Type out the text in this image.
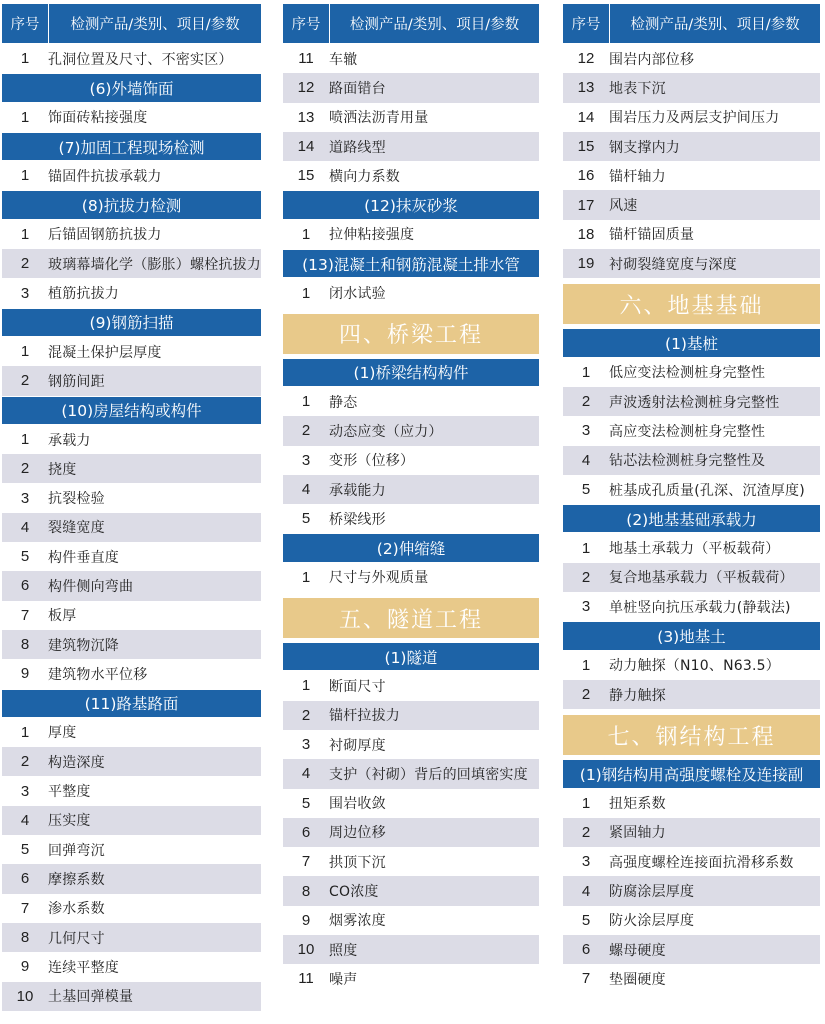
序号	检测产品/类别、项目/参数
1	孔洞位置及尺寸、不密实区）
(6)外墙饰面
1	饰面砖粘接强度
(7)加固工程现场检测
1	锚固件抗拔承载力
(8)抗拔力检测
1	后锚固钢筋抗拔力
2	玻璃幕墙化学（膨胀）螺栓抗拔力
3	植筋抗拔力
(9)钢筋扫描
1	混凝土保护层厚度
2	钢筋间距
(10)房屋结构或构件
1	承载力
2	挠度
3	抗裂检验
4	裂缝宽度
5	构件垂直度
6	构件侧向弯曲
7	板厚
8	建筑物沉降
9	建筑物水平位移
(11)路基路面
1	厚度
2	构造深度
3	平整度
4	压实度
5	回弹弯沉
6	摩擦系数
7	渗水系数
8	几何尺寸
9	连续平整度
10	土基回弹模量
序号	检测产品/类别、项目/参数
11	车辙
12	路面错台
13	喷洒法沥青用量
14	道路线型
15	横向力系数
(12)抹灰砂浆
1	拉伸粘接强度
(13)混凝土和钢筋混凝土排水管
1	闭水试验
四、桥梁工程
(1)桥梁结构构件
1	静态
2	动态应变（应力）
3	变形（位移）
4	承载能力
5	桥梁线形
(2)伸缩缝
1	尺寸与外观质量
五、隧道工程
(1)隧道
1	断面尺寸
2	锚杆拉拔力
3	衬砌厚度
4	支护（衬砌）背后的回填密实度
5	围岩收敛
6	周边位移
7	拱顶下沉
8	CO浓度
9	烟雾浓度
10	照度
11	噪声
序号	检测产品/类别、项目/参数
12	围岩内部位移
13	地表下沉
14	围岩压力及两层支护间压力
15	钢支撑内力
16	锚杆轴力
17	风速
18	锚杆锚固质量
19	衬砌裂缝宽度与深度
六、地基基础
(1)基桩
1	低应变法检测桩身完整性
2	声波透射法检测桩身完整性
3	高应变法检测桩身完整性
4	钻芯法检测桩身完整性及
5	桩基成孔质量(孔深、沉渣厚度)
(2)地基基础承载力
1	地基土承载力（平板载荷）
2	复合地基承载力（平板载荷）
3	单桩竖向抗压承载力(静载法)
(3)地基土
1	动力触探（N10、N63.5）
2	静力触探
七、钢结构工程
(1)钢结构用高强度螺栓及连接副
1	扭矩系数
2	紧固轴力
3	高强度螺栓连接面抗滑移系数
4	防腐涂层厚度
5	防火涂层厚度
6	螺母硬度
7	垫圈硬度
